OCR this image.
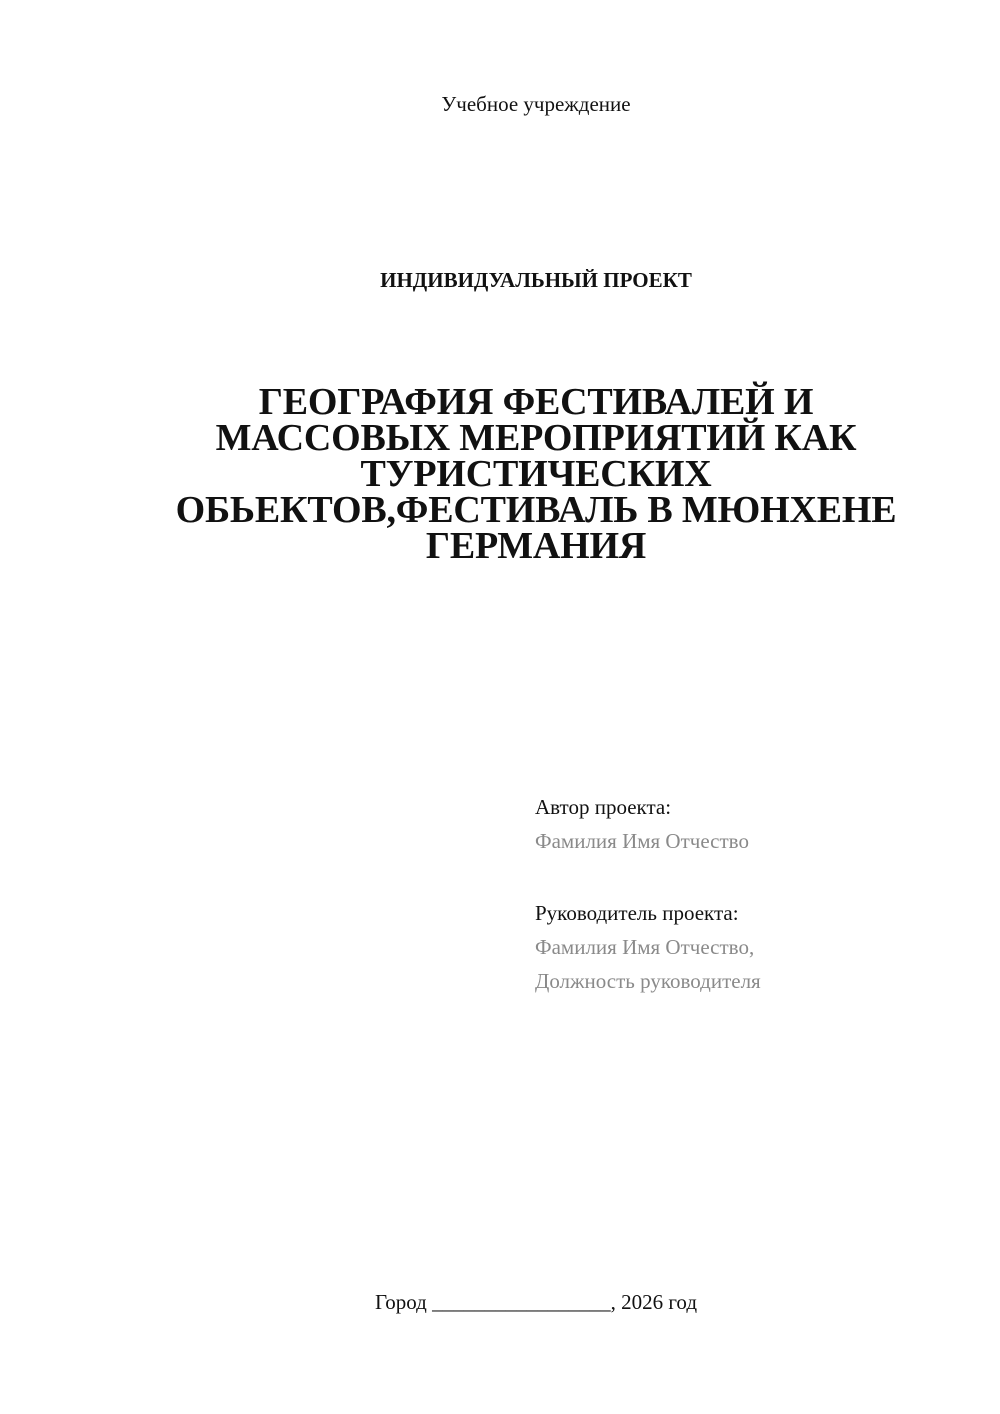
Учебное учреждение
ИНДИВИДУАЛЬНЫЙ ПРОЕКТ
ГЕОГРАФИЯ ФЕСТИВАЛЕЙ И
МАССОВЫХ МЕРОПРИЯТИЙ КАК
ТУРИСТИЧЕСКИХ
ОБЬЕКТОВ,ФЕСТИВАЛЬ В МЮНХЕНЕ
ГЕРМАНИЯ
Автор проекта:
Фамилия Имя Отчество
Руководитель проекта:
Фамилия Имя Отчество,
Должность руководителя
Город _________________, 2026 год
